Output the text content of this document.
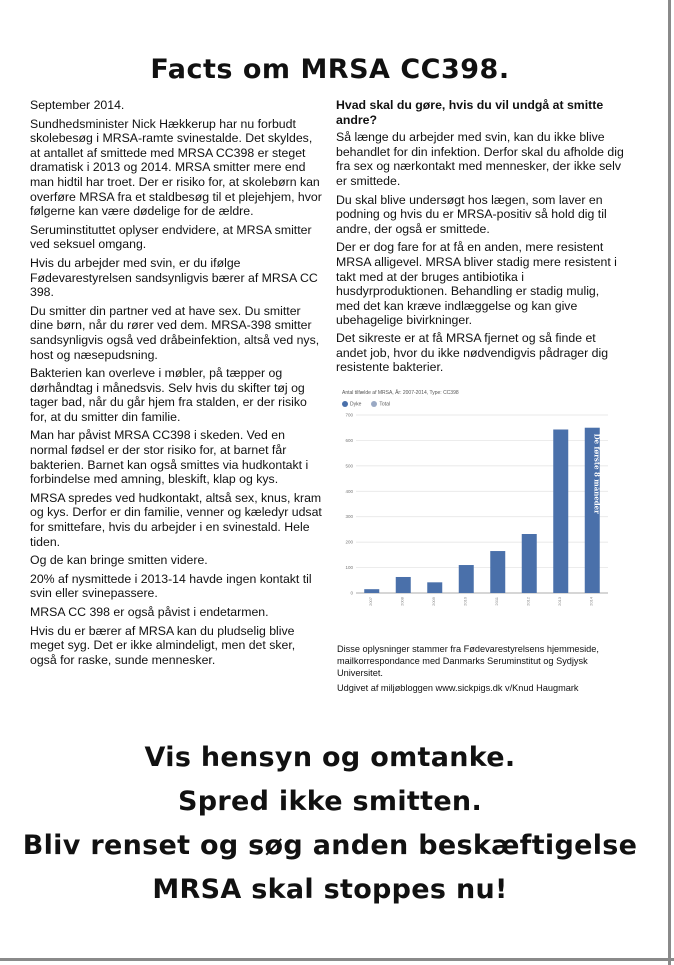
Facts om MRSA CC398.

September 2014.

Sundhedsminister Nick Hækkerup har nu forbudt skolebesøg i MRSA-ramte svinestalde. Det skyldes, at antallet af smittede med MRSA CC398 er steget dramatisk i 2013 og 2014. MRSA smitter mere end man hidtil har troet. Der er risiko for, at skolebørn kan overføre MRSA fra et staldbesøg til et plejehjem, hvor følgerne kan være dødelige for de ældre.

Seruminstituttet oplyser endvidere, at MRSA smitter ved seksuel omgang.

Hvis du arbejder med svin, er du ifølge Fødevarestyrelsen sandsynligvis bærer af MRSA CC 398.

Du smitter din partner ved at have sex. Du smitter dine børn, når du rører ved dem. MRSA-398 smitter sandsynligvis også ved dråbeinfektion, altså ved nys, host og næsepudsning.

Bakterien kan overleve i møbler, på tæpper og dørhåndtag i månedsvis. Selv hvis du skifter tøj og tager bad, når du går hjem fra stalden, er der risiko for, at du smitter din familie.

Man har påvist MRSA CC398 i skeden. Ved en normal fødsel er der stor risiko for, at barnet får bakterien. Barnet kan også smittes via hudkontakt i forbindelse med amning, bleskift, klap og kys.

MRSA spredes ved hudkontakt, altså sex, knus, kram og kys. Derfor er din familie, venner og kæledyr udsat for smittefare, hvis du arbejder i en svinestald. Hele tiden.

Og de kan bringe smitten videre.

20% af nysmittede i 2013-14 havde ingen kontakt til svin eller svinepassere.

MRSA CC 398 er også påvist i endetarmen.

Hvis du er bærer af MRSA kan du pludselig blive meget syg. Det er ikke almindeligt, men det sker, også for raske, sunde mennesker.

Hvad skal du gøre, hvis du vil undgå at smitte andre?

Så længe du arbejder med svin, kan du ikke blive behandlet for din infektion. Derfor skal du afholde dig fra sex og nærkontakt med mennesker, der ikke selv er smittede.

Du skal blive undersøgt hos lægen, som laver en podning og hvis du er MRSA-positiv så hold dig til andre, der også er smittede.

Der er dog fare for at få en anden, mere resistent MRSA alligevel. MRSA bliver stadig mere resistent i takt med at der bruges antibiotika i husdyrproduktionen. Behandling er stadig mulig, med det kan kræve indlæggelse og kan give ubehagelige bivirkninger.

Det sikreste er at få MRSA fjernet og så finde et andet job, hvor du ikke nødvendigvis pådrager dig resistente bakterier.

0
100
200
300
400
500
600
700
2007	2008	2009	2010	2011	2012	2013	2014
De første 8 måneder
Antal tilfælde af MRSA, År: 2007-2014, Type: CC398
Dyke	Total

Disse oplysninger stammer fra Fødevarestyrelsens hjemmeside, mailkorrespondance med Danmarks Seruminstitut og Sydjysk Universitet.

Udgivet af miljøbloggen www.sickpigs.dk v/Knud Haugmark

Vis hensyn og omtanke.
Spred ikke smitten.
Bliv renset og søg anden beskæftigelse
MRSA skal stoppes nu!
